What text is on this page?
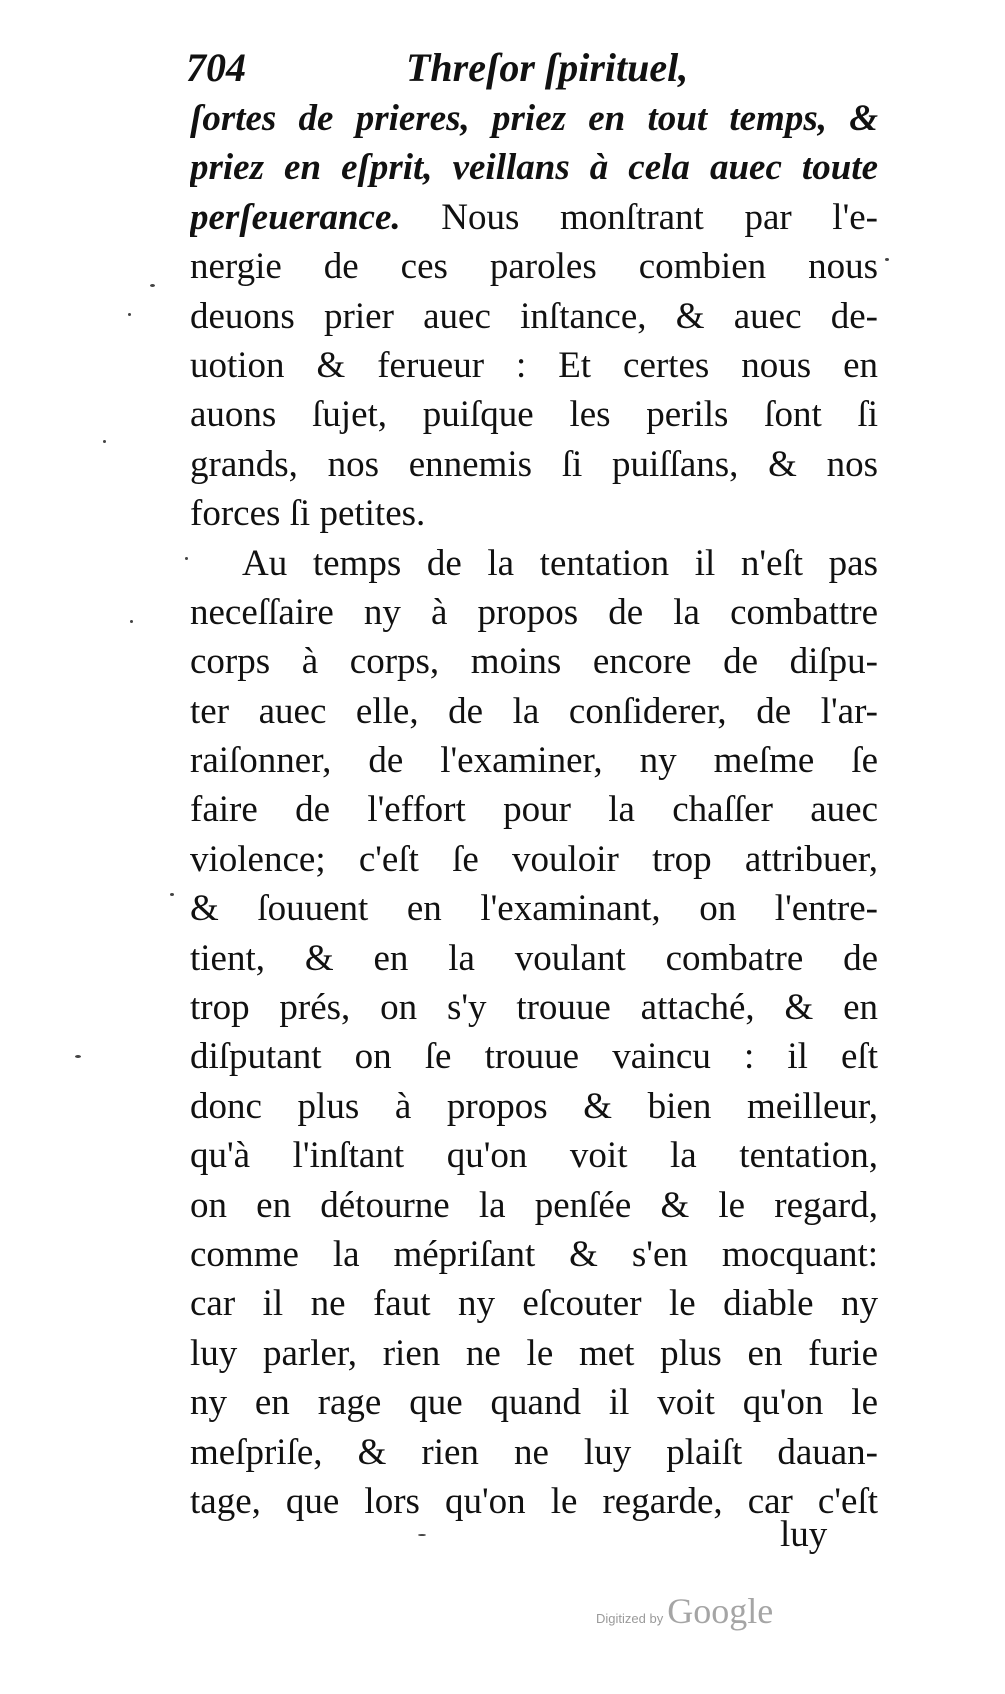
704	Threſor ſpirituel,
ſortes de prieres, priez en tout temps, &
priez en eſprit, veillans à cela auec toute
perſeuerance. Nous monſtrant par l'e-
nergie de ces paroles combien nous
deuons prier auec inſtance, & auec de-
uotion & ferueur : Et certes nous en
auons ſujet, puiſque les perils ſont ſi
grands, nos ennemis ſi puiſſans, & nos
forces ſi petites.
Au temps de la tentation il n'eſt pas
neceſſaire ny à propos de la combattre
corps à corps, moins encore de diſpu-
ter auec elle, de la conſiderer, de l'ar-
raiſonner, de l'examiner, ny meſme ſe
faire de l'effort pour la chaſſer auec
violence; c'eſt ſe vouloir trop attribuer,
& ſouuent en l'examinant, on l'entre-
tient, & en la voulant combatre de
trop prés, on s'y trouue attaché, & en
diſputant on ſe trouue vaincu : il eſt
donc plus à propos & bien meilleur,
qu'à l'inſtant qu'on voit la tentation,
on en détourne la penſée & le regard,
comme la mépriſant & s'en mocquant:
car il ne faut ny eſcouter le diable ny
luy parler, rien ne le met plus en furie
ny en rage que quand il voit qu'on le
meſpriſe, & rien ne luy plaiſt dauan-
tage, que lors qu'on le regarde, car c'eſt
luy
Digitized by Google
